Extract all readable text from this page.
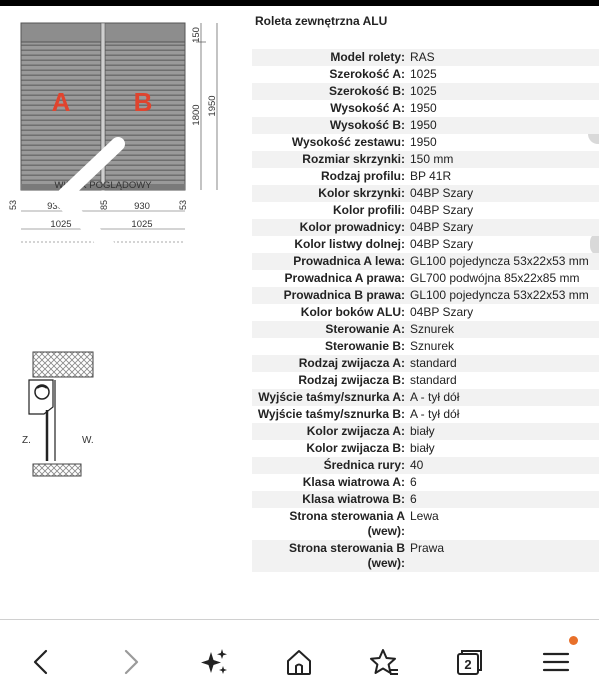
A B
WIDOK POGLĄDOWY
150
1800 1950
53	930	85	930	53
1025	1025
Z.	W.
Roleta zewnętrzna ALU
Model rolety:	RAS
Szerokość A:	1025
Szerokość B:	1025
Wysokość A:	1950
Wysokość B:	1950
Wysokość zestawu:	1950
Rozmiar skrzynki:	150 mm
Rodzaj profilu:	BP 41R
Kolor skrzynki:	04BP Szary
Kolor profili:	04BP Szary
Kolor prowadnicy:	04BP Szary
Kolor listwy dolnej:	04BP Szary
Prowadnica A lewa:	GL100 pojedyncza 53x22x53 mm
Prowadnica A prawa:	GL700 podwójna 85x22x85 mm
Prowadnica B prawa:	GL100 pojedyncza 53x22x53 mm
Kolor boków ALU:	04BP Szary
Sterowanie A:	Sznurek
Sterowanie B:	Sznurek
Rodzaj zwijacza A:	standard
Rodzaj zwijacza B:	standard
Wyjście taśmy/sznurka A:	A - tył dół
Wyjście taśmy/sznurka B:	A - tył dół
Kolor zwijacza A:	biały
Kolor zwijacza B:	biały
Średnica rury:	40
Klasa wiatrowa A:	6
Klasa wiatrowa B:	6
Strona sterowania A (wew):	Lewa
Strona sterowania B (wew):	Prawa
2
